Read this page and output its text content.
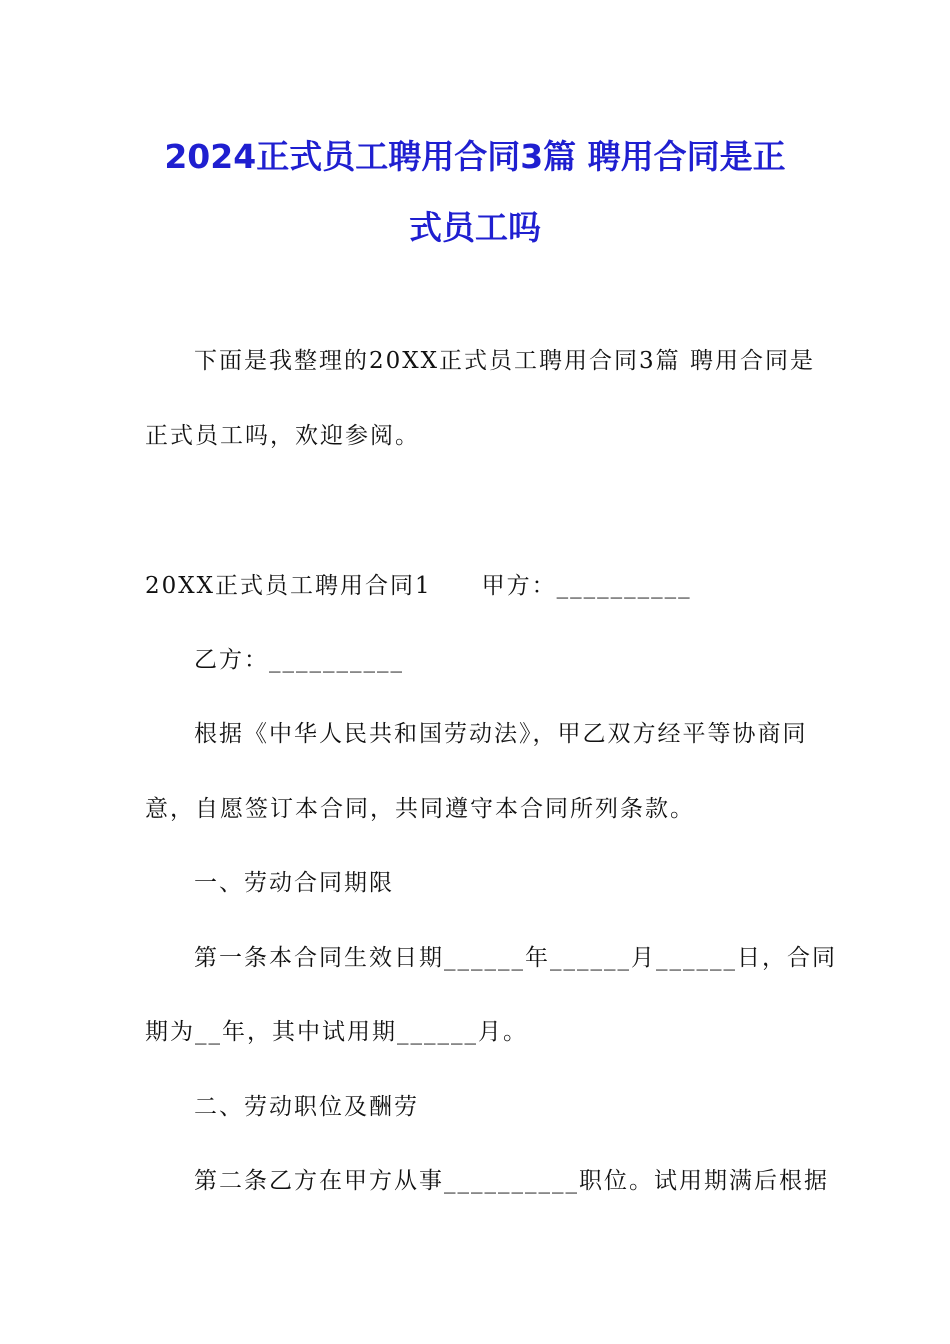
2024正式员工聘用合同3篇 聘用合同是正
式员工吗
下面是我整理的20XX正式员工聘用合同3篇 聘用合同是
正式员工吗，欢迎参阅。
20XX正式员工聘用合同1　　甲方：__________
乙方：__________
根据《中华人民共和国劳动法》，甲乙双方经平等协商同
意，自愿签订本合同，共同遵守本合同所列条款。
一、劳动合同期限
第一条本合同生效日期______年______月______日，合同
期为__年，其中试用期______月。
二、劳动职位及酬劳
第二条乙方在甲方从事__________职位。试用期满后根据
